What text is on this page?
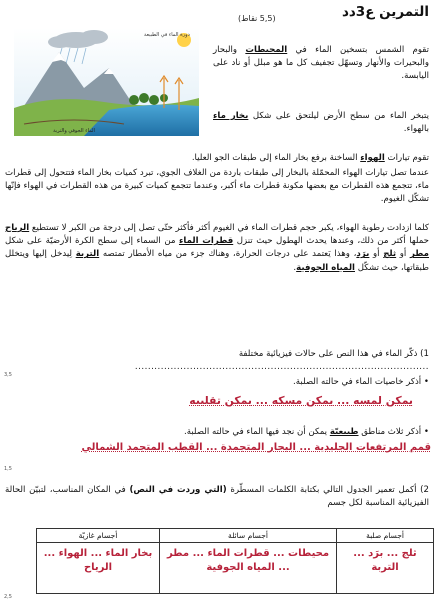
3,5
1,5
2,5
التمرين ع3دد
(5,5 نقاط)
دورة الماء في الطبيعة
الماء الجوفي والتربة
تقوم الشمس بتسخين الماء في المحيطات والبحار والبحيرات والأنهار وتسهّل تجفيف كل ما هو مبلل أو ناد على اليابسة.
يتبخر الماء من سطح الأرض ليلتحق على شكل بخار ماء بالهواء.
تقوم تيارات الهواء الساخنة برفع بخار الماء إلى طبقات الجو العليا.
عندما تصل تيارات الهواء المحمّلة بالبخار إلى طبقات باردة من الغلاف الجوي، تبرد كميات بخار الماء فتتحول إلى قطرات ماء، تتجمع هذه القطرات مع بعضها مكونة قطرات ماء أكبر، وعندما تتجمع كميات كبيرة من هذه القطرات في الهواء فإنّها تشكّل الغيوم.
كلما ازدادت رطوبة الهواء، يكبر حجم قطرات الماء في الغيوم أكثر فأكثر حتّى تصل إلى درجة من الكبر لا تستطيع الرياح حملها أكثر من ذلك، وعندها يحدث الهطول حيث تنزل قطرات الماء من السماء إلى سطح الكرة الأرضيّة على شكل مطر أو ثلج أو برَد، وهذا يَعتمد على درجات الحرارة، وهناك جزء من مياه الأمطار تمتصه التربة لِيدخل إليها ويتخلل طبقاتها، حيث تشكّل المياه الجوفية.
1) ذكّر الماء في هذا النص على حالات فيزيائية مختلفة
...........................................................................................
• أذكر خاصيات الماء في حالته الصلبة.
يمكن لمسه ... يمكن مسكه ... يمكن تقليبه
• أذكر ثلاث مناطق طبيعيّة يمكن أن نجد فيها الماء في حالته الصلبة.
قمم المرتفعات الجليدية ... البحار المتجمدة ... القطب المتجمد الشمالي
2) أكمل تعمير الجدول التالي بكتابة الكلمات المسطّرة (التي وردت في النص) في المكان المناسب، لتبيّن الحالة الفيزيائية المناسبة لكل جسم
أجسام صلبة	أجسام سائلة	أجسام غازيّة

ثلج ... برَد ... التربة	محيطات ... قطرات الماء ... مطر ... المياه الجوفية	بخار الماء ... الهواء ... الرياح
